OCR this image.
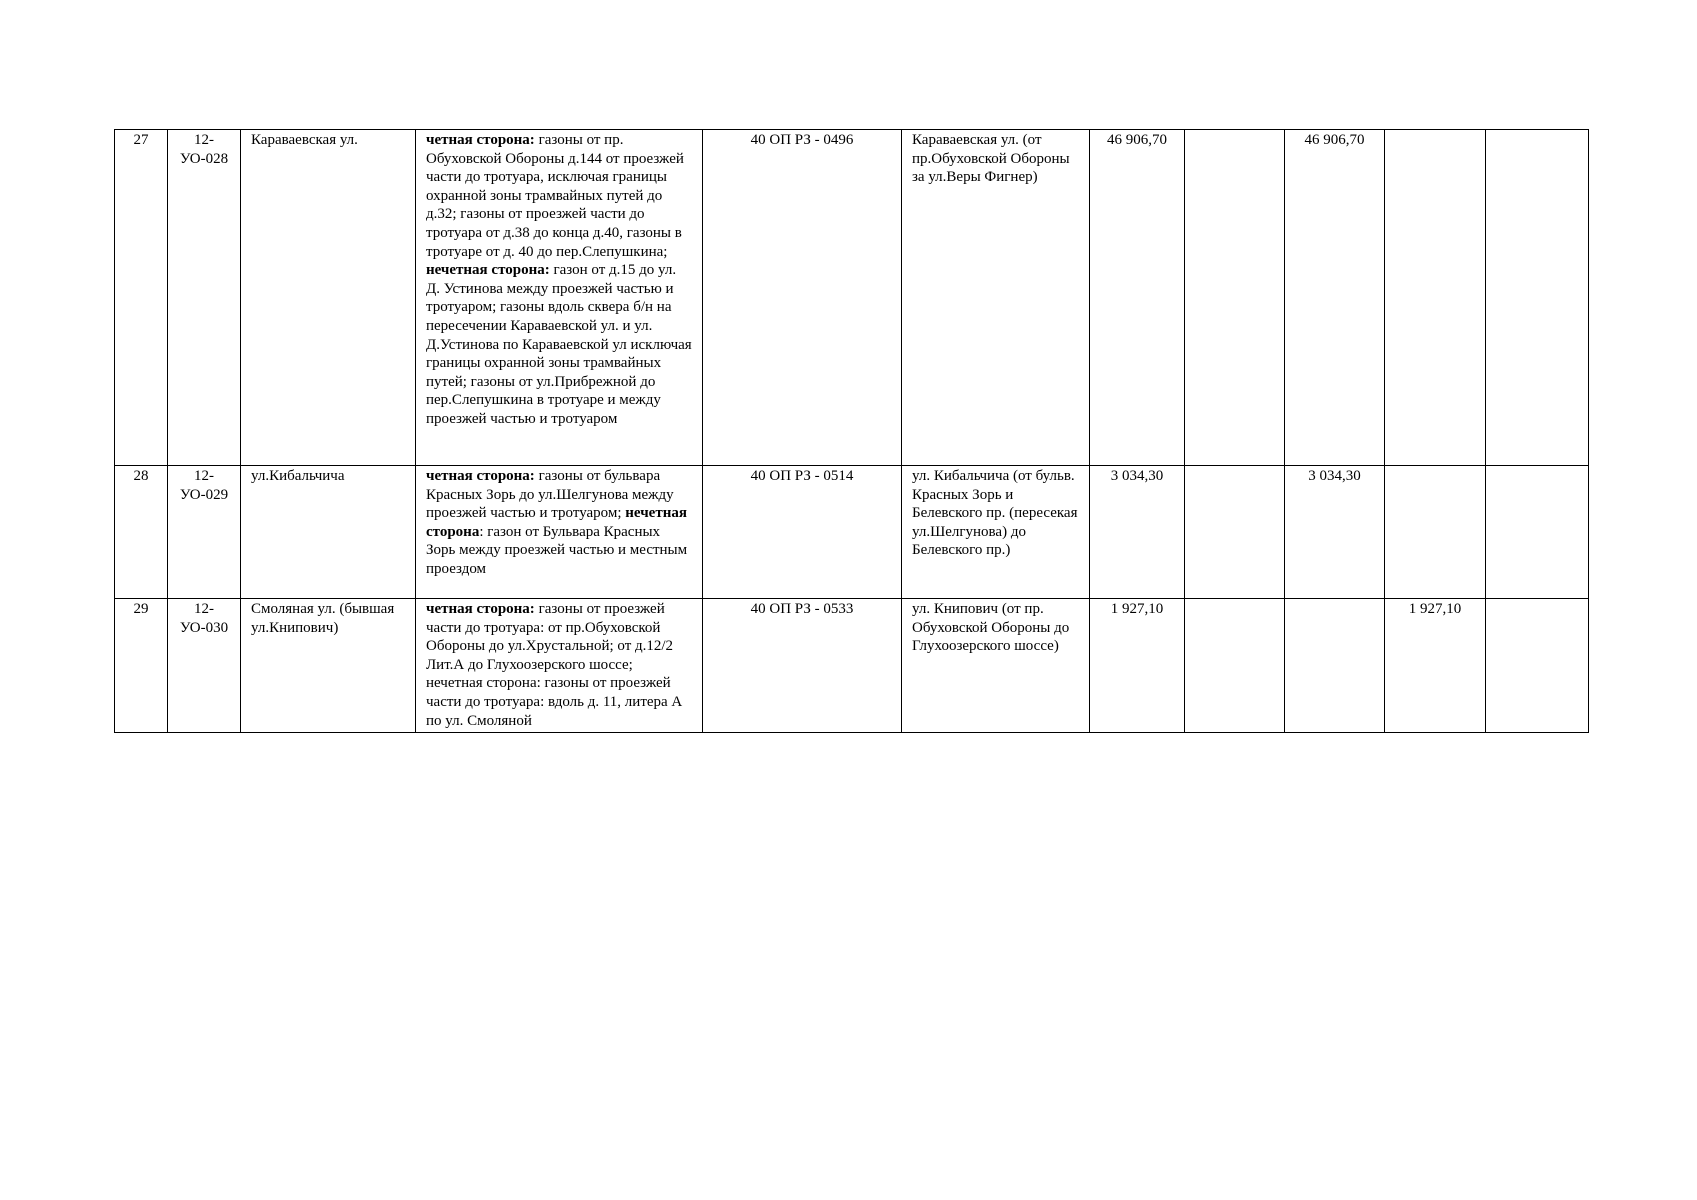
27	12-УО-028	Караваевская ул.	четная сторона: газоны от пр. Обуховской Обороны д.144 от проезжей части до тротуара, исключая границы охранной зоны трамвайных путей до д.32; газоны от проезжей части до тротуара от д.38 до конца д.40, газоны в тротуаре от д. 40 до пер.Слепушкина; нечетная сторона: газон от д.15 до ул. Д. Устинова между проезжей частью и тротуаром; газоны вдоль сквера б/н на пересечении Караваевской ул. и ул. Д.Устинова по Караваевской ул исключая границы охранной зоны трамвайных путей; газоны от ул.Прибрежной до пер.Слепушкина в тротуаре и между проезжей частью и тротуаром	40 ОП РЗ - 0496	Караваевская ул. (от пр.Обуховской Обороны за ул.Веры Фигнер)	46 906,70		46 906,70		
28	12-УО-029	ул.Кибальчича	четная сторона: газоны от бульвара Красных Зорь до ул.Шелгунова между проезжей частью и тротуаром; нечетная сторона: газон от Бульвара Красных Зорь между проезжей частью и местным проездом	40 ОП РЗ - 0514	ул. Кибальчича (от бульв. Красных Зорь и Белевского пр. (пересекая ул.Шелгунова) до Белевского пр.)	3 034,30		3 034,30		
29	12-УО-030	Смоляная ул. (бывшая ул.Книпович)	четная сторона: газоны от проезжей части до тротуара: от пр.Обуховской Обороны до ул.Хрустальной; от д.12/2 Лит.А до Глухоозерского шоссе; нечетная сторона: газоны от проезжей части до тротуара: вдоль д. 11, литера А по ул. Смоляной	40 ОП РЗ - 0533	ул. Книпович (от пр. Обуховской Обороны до Глухоозерского шоссе)	1 927,10			1 927,10	
